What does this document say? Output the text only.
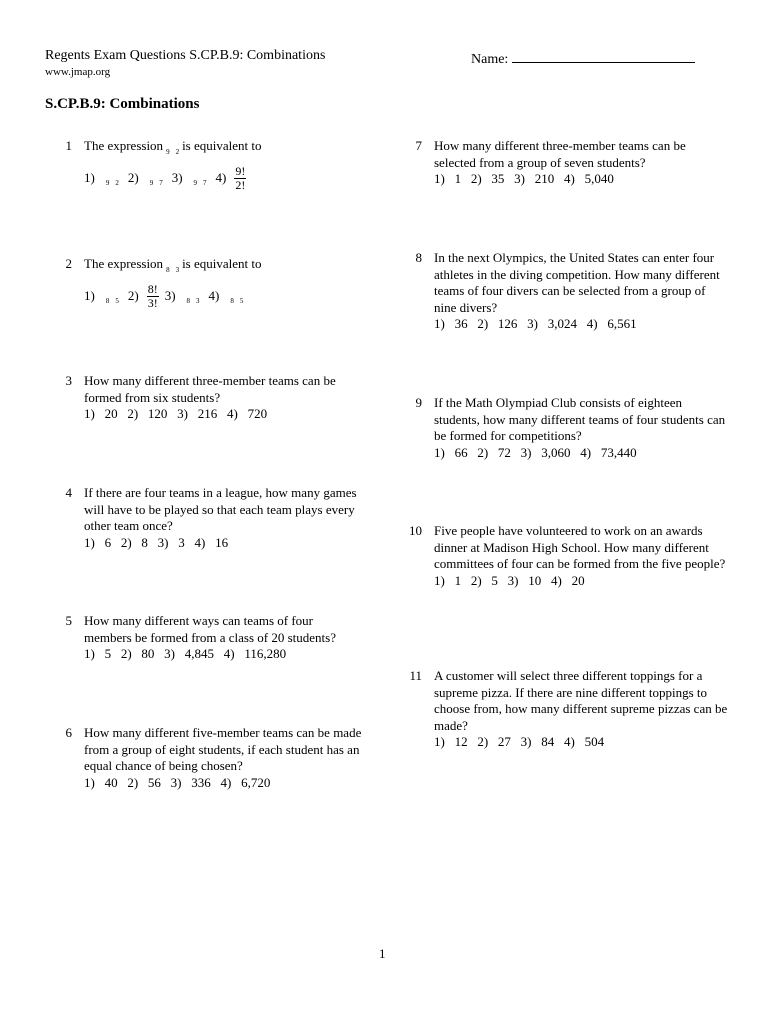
Regents Exam Questions S.CP.B.9: Combinations
www.jmap.org
Name:
S.CP.B.9: Combinations
1 The expression $_9$ $_2$ is equivalent to
1)	$_9$ $_2$ 2)	$_9$ $_7$ 3)	$_9$ $_7$ $4) \frac{9!}{2!}$
2 The expression $_8$ $_3$ is equivalent to
1)	$_8$ $_5$ $2) \frac{8!}{3!} 3$)	$_8$ $_3$ 4)	$_8$ $_5$
3 How many different three-member teams can be formed from six students?
1)   20   2)   120   3)   216   4)   720
4 If there are four teams in a league, how many games will have to be played so that each team plays every other team once?
1)   6   2)   8   3)   3   4)   16
5 How many different ways can teams of four members be formed from a class of 20 students?
1)   5   2)   80   3)   4,845   4)   116,280
6 How many different five-member teams can be made from a group of eight students, if each student has an equal chance of being chosen?
1)   40   2)   56   3)   336   4)   6,720
7 How many different three-member teams can be selected from a group of seven students?
1)   1   2)   35   3)   210   4)   5,040
8 In the next Olympics, the United States can enter four athletes in the diving competition. How many different teams of four divers can be selected from a group of nine divers?
1)   36   2)   126   3)   3,024   4)   6,561
9 If the Math Olympiad Club consists of eighteen students, how many different teams of four students can be formed for competitions?
1)   66   2)   72   3)   3,060   4)   73,440
10 Five people have volunteered to work on an awards dinner at Madison High School. How many different committees of four can be formed from the five people?
1)   1   2)   5   3)   10   4)   20
11 A customer will select three different toppings for a supreme pizza. If there are nine different toppings to choose from, how many different supreme pizzas can be made?
1)   12   2)   27   3)   84   4)   504
1
